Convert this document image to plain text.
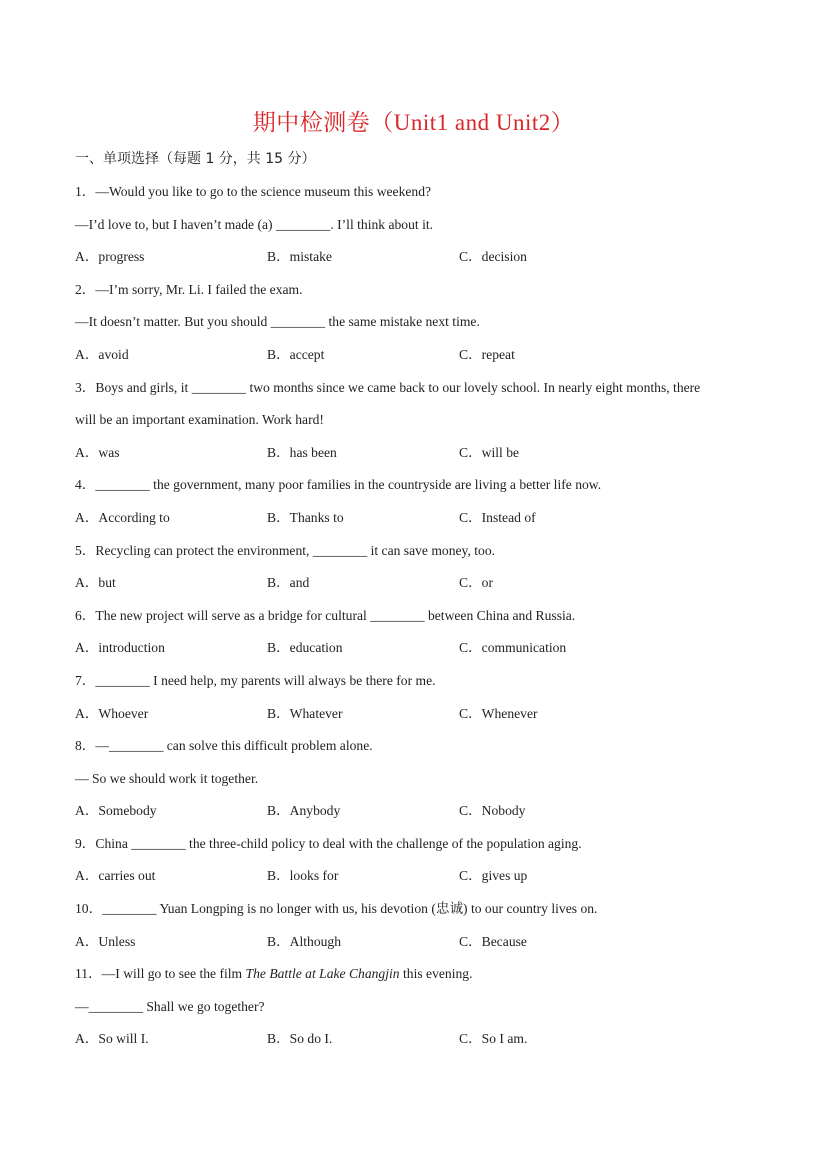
期中检测卷（Unit1 and Unit2）
一、单项选择（每题 1 分，共 15 分）
1．—Would you like to go to the science museum this weekend?
—I’d love to, but I haven’t made (a) ________. I’ll think about it.
A．progress	B．mistake	C．decision
2．—I’m sorry, Mr. Li. I failed the exam.
—It doesn’t matter. But you should ________ the same mistake next time.
A．avoid	B．accept	C．repeat
3．Boys and girls, it ________ two months since we came back to our lovely school. In nearly eight months, there
will be an important examination. Work hard!
A．was	B．has been	C．will be
4．________ the government, many poor families in the countryside are living a better life now.
A．According to	B．Thanks to	C．Instead of
5．Recycling can protect the environment, ________ it can save money, too.
A．but	B．and	C．or
6．The new project will serve as a bridge for cultural ________ between China and Russia.
A．introduction	B．education	C．communication
7．________ I need help, my parents will always be there for me.
A．Whoever	B．Whatever	C．Whenever
8．—________ can solve this difficult problem alone.
— So we should work it together.
A．Somebody	B．Anybody	C．Nobody
9．China ________ the three-child policy to deal with the challenge of the population aging.
A．carries out	B．looks for	C．gives up
10．________ Yuan Longping is no longer with us, his devotion (忠诚) to our country lives on.
A．Unless	B．Although	C．Because
11．—I will go to see the film The Battle at Lake Changjin this evening.
—________ Shall we go together?
A．So will I.	B．So do I.	C．So I am.
